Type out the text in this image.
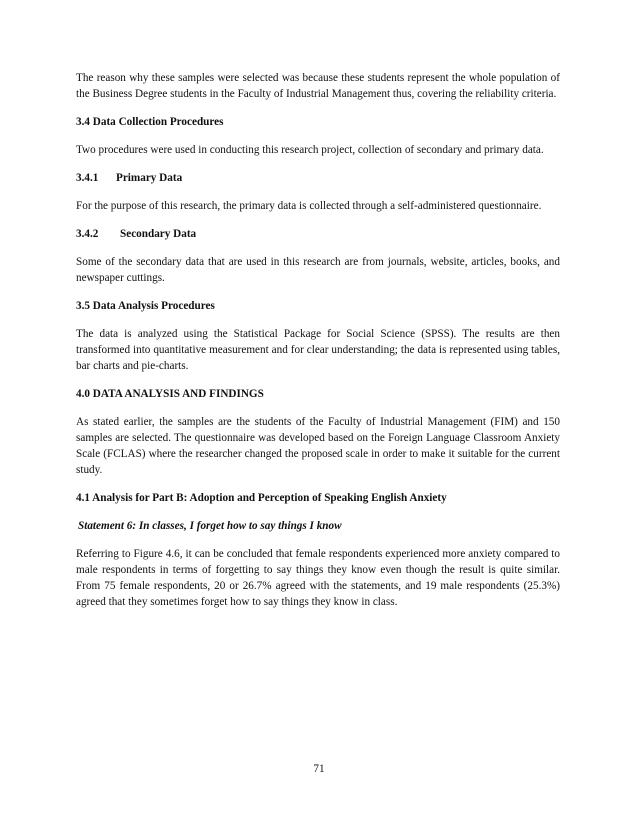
The reason why these samples were selected was because these students represent the whole population of the Business Degree students in the Faculty of Industrial Management thus, covering the reliability criteria.

3.4 Data Collection Procedures

Two procedures were used in conducting this research project, collection of secondary and primary data.

3.4.1 Primary Data

For the purpose of this research, the primary data is collected through a self-administered questionnaire.

3.4.2 Secondary Data

Some of the secondary data that are used in this research are from journals, website, articles, books, and newspaper cuttings.

3.5 Data Analysis Procedures

The data is analyzed using the Statistical Package for Social Science (SPSS). The results are then transformed into quantitative measurement and for clear understanding; the data is represented using tables, bar charts and pie-charts.

4.0 DATA ANALYSIS AND FINDINGS

As stated earlier, the samples are the students of the Faculty of Industrial Management (FIM) and 150 samples are selected. The questionnaire was developed based on the Foreign Language Classroom Anxiety Scale (FCLAS) where the researcher changed the proposed scale in order to make it suitable for the current study.

4.1 Analysis for Part B: Adoption and Perception of Speaking English Anxiety

Statement 6: In classes, I forget how to say things I know

Referring to Figure 4.6, it can be concluded that female respondents experienced more anxiety compared to male respondents in terms of forgetting to say things they know even though the result is quite similar. From 75 female respondents, 20 or 26.7% agreed with the statements, and 19 male respondents (25.3%) agreed that they sometimes forget how to say things they know in class.

71
